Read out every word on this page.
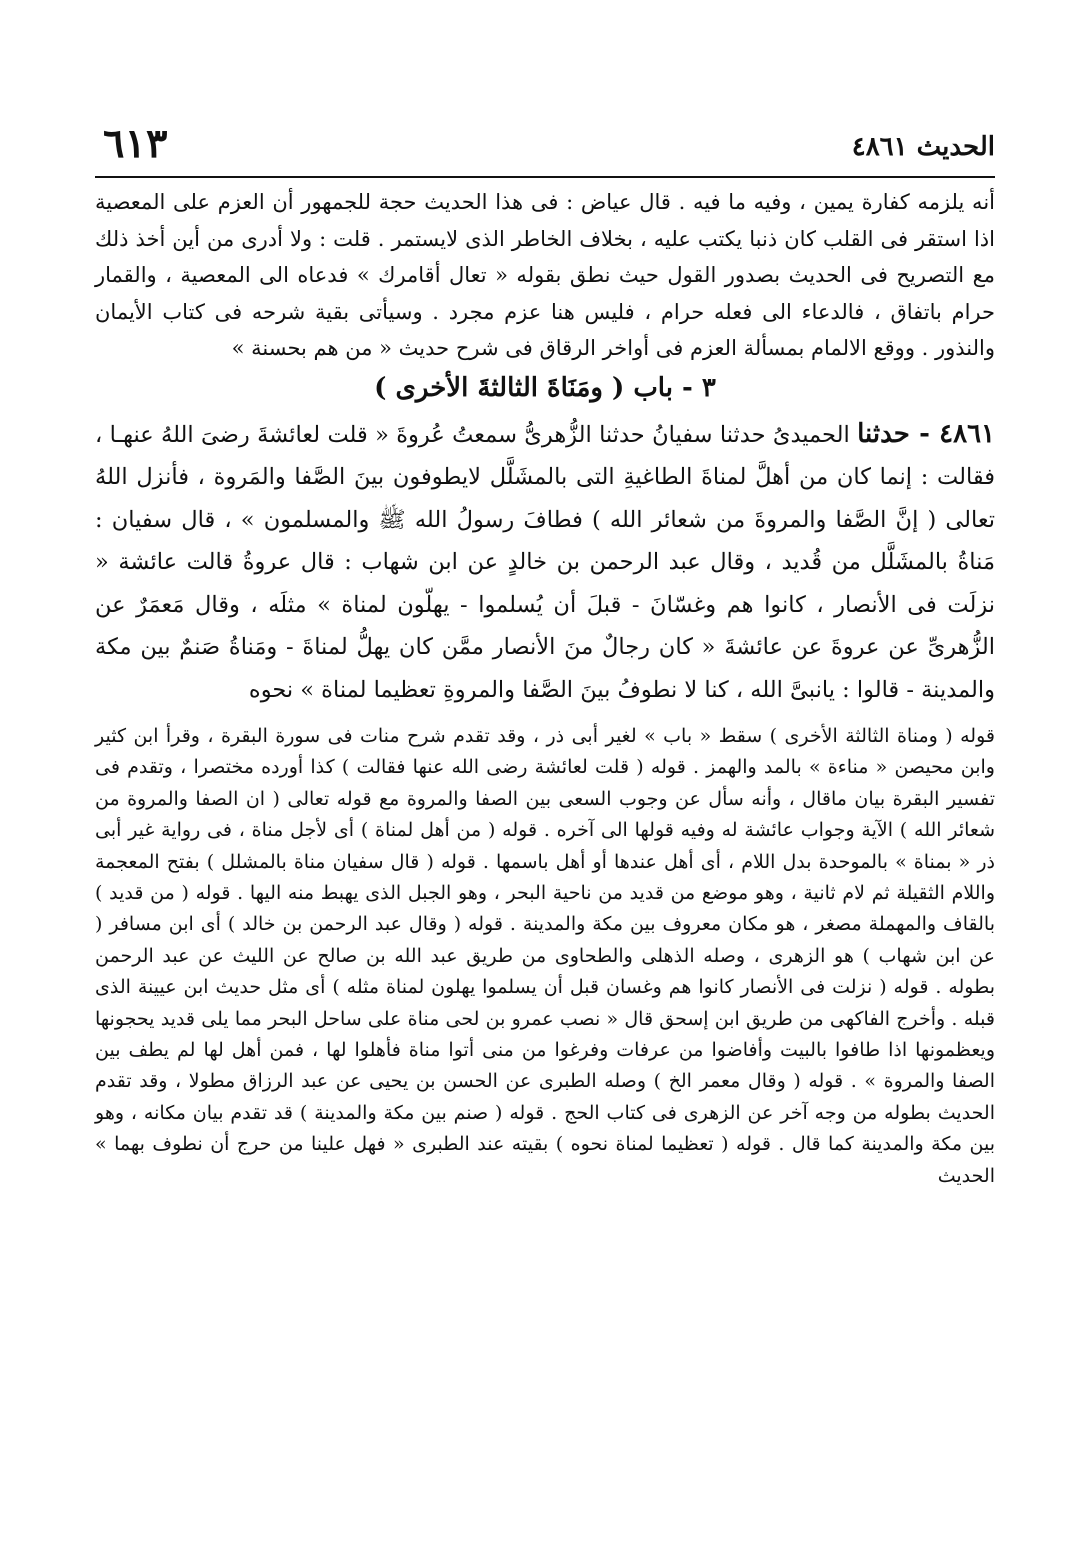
الحديث ٤٨٦١
٦١٣

أنه يلزمه كفارة يمين ، وفيه ما فيه . قال عياض : فى هذا الحديث حجة للجمهور أن العزم على المعصية اذا استقر فى القلب كان ذنبا يكتب عليه ، بخلاف الخاطر الذى لايستمر . قلت : ولا أدرى من أين أخذ ذلك مع التصريح فى الحديث بصدور القول حيث نطق بقوله « تعال أقامرك » فدعاه الى المعصية ، والقمار حرام باتفاق ، فالدعاء الى فعله حرام ، فليس هنا عزم مجرد . وسيأتى بقية شرحه فى كتاب الأيمان والنذور . ووقع الالمام بمسألة العزم فى أواخر الرقاق فى شرح حديث « من هم بحسنة »

٣ - باب ( ومَنَاةَ الثالثةَ الأخرى )

٤٨٦١ - حدثنا الحميدىُ حدثنا سفيانُ حدثنا الزُّهرىُّ سمعتُ عُروةَ « قلت لعائشةَ رضىَ اللهُ عنهـا ، فقالت : إنما كان من أهلَّ لمناةَ الطاغيةِ التى بالمشَلَّل لايطوفون بينَ الصَّفا والمَروة ، فأنزل اللهُ تعالى ( إنَّ الصَّفا والمروةَ من شعائر الله ) فطافَ رسولُ الله ﷺ والمسلمون » ، قال سفيان : مَناةُ بالمشَلَّل من قُديد ، وقال عبد الرحمن بن خالدٍ عن ابن شهاب : قال عروةُ قالت عائشة « نزلَت فى الأنصار ، كانوا هم وغسّانَ - قبلَ أن يُسلموا - يهلّون لمناة » مثلَه ، وقال مَعمَرٌ عن الزُّهرىِّ عن عروةَ عن عائشةَ « كان رجالٌ منَ الأنصار ممَّن كان يهلُّ لمناةَ - ومَناةُ صَنمٌ بين مكة والمدينة - قالوا : يانبىَّ الله ، كنا لا نطوفُ بينَ الصَّفا والمروةِ تعظيما لمناة » نحوه

قوله ( ومناة الثالثة الأخرى ) سقط « باب » لغير أبى ذر ، وقد تقدم شرح منات فى سورة البقرة ، وقرأ ابن كثير وابن محيصن « مناءة » بالمد والهمز . قوله ( قلت لعائشة رضى الله عنها فقالت ) كذا أورده مختصرا ، وتقدم فى تفسير البقرة بيان ماقال ، وأنه سأل عن وجوب السعى بين الصفا والمروة مع قوله تعالى ( ان الصفا والمروة من شعائر الله ) الآية وجواب عائشة له وفيه قولها الى آخره . قوله ( من أهل لمناة ) أى لأجل مناة ، فى رواية غير أبى ذر « بمناة » بالموحدة بدل اللام ، أى أهل عندها أو أهل باسمها . قوله ( قال سفيان مناة بالمشلل ) بفتح المعجمة واللام الثقيلة ثم لام ثانية ، وهو موضع من قديد من ناحية البحر ، وهو الجبل الذى يهبط منه اليها . قوله ( من قديد ) بالقاف والمهملة مصغر ، هو مكان معروف بين مكة والمدينة . قوله ( وقال عبد الرحمن بن خالد ) أى ابن مسافر ( عن ابن شهاب ) هو الزهرى ، وصله الذهلى والطحاوى من طريق عبد الله بن صالح عن الليث عن عبد الرحمن بطوله . قوله ( نزلت فى الأنصار كانوا هم وغسان قبل أن يسلموا يهلون لمناة مثله ) أى مثل حديث ابن عيينة الذى قبله . وأخرج الفاكهى من طريق ابن إسحق قال « نصب عمرو بن لحى مناة على ساحل البحر مما يلى قديد يحجونها ويعظمونها اذا طافوا بالبيت وأفاضوا من عرفات وفرغوا من منى أتوا مناة فأهلوا لها ، فمن أهل لها لم يطف بين الصفا والمروة » . قوله ( وقال معمر الخ ) وصله الطبرى عن الحسن بن يحيى عن عبد الرزاق مطولا ، وقد تقدم الحديث بطوله من وجه آخر عن الزهرى فى كتاب الحج . قوله ( صنم بين مكة والمدينة ) قد تقدم بيان مكانه ، وهو بين مكة والمدينة كما قال . قوله ( تعظيما لمناة نحوه ) بقيته عند الطبرى « فهل علينا من حرج أن نطوف بهما » الحديث
